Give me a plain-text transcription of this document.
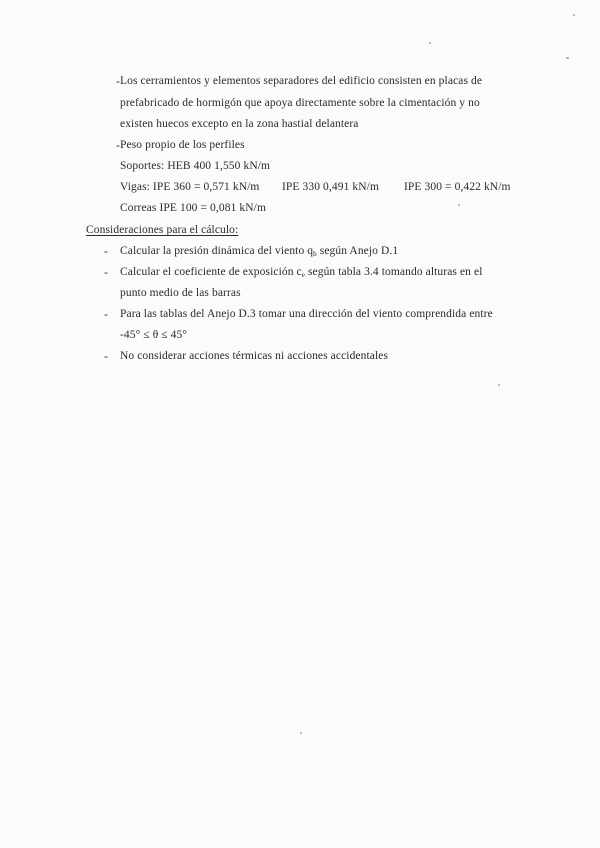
- Los cerramientos y elementos separadores del edificio consisten en placas de
prefabricado de hormigón que apoya directamente sobre la cimentación y no
existen huecos excepto en la zona hastial delantera
- Peso propio de los perfiles
Soportes: HEB 400 1,550 kN/m
Vigas: IPE 360 = 0,571 kN/m IPE 330 0,491 kN/m IPE 300 = 0,422 kN/m
Correas IPE 100 = 0,081 kN/m
Consideraciones para el cálculo:
-	Calcular la presión dinámica del viento $q_b$ según Anejo D.1
-	Calcular el coeficiente de exposición $c_e$ según tabla 3.4 tomando alturas en el
punto medio de las barras
-	Para las tablas del Anejo D.3 tomar una dirección del viento comprendida entre
-45° ≤ θ ≤ 45°
-	No considerar acciones térmicas ni acciones accidentales
